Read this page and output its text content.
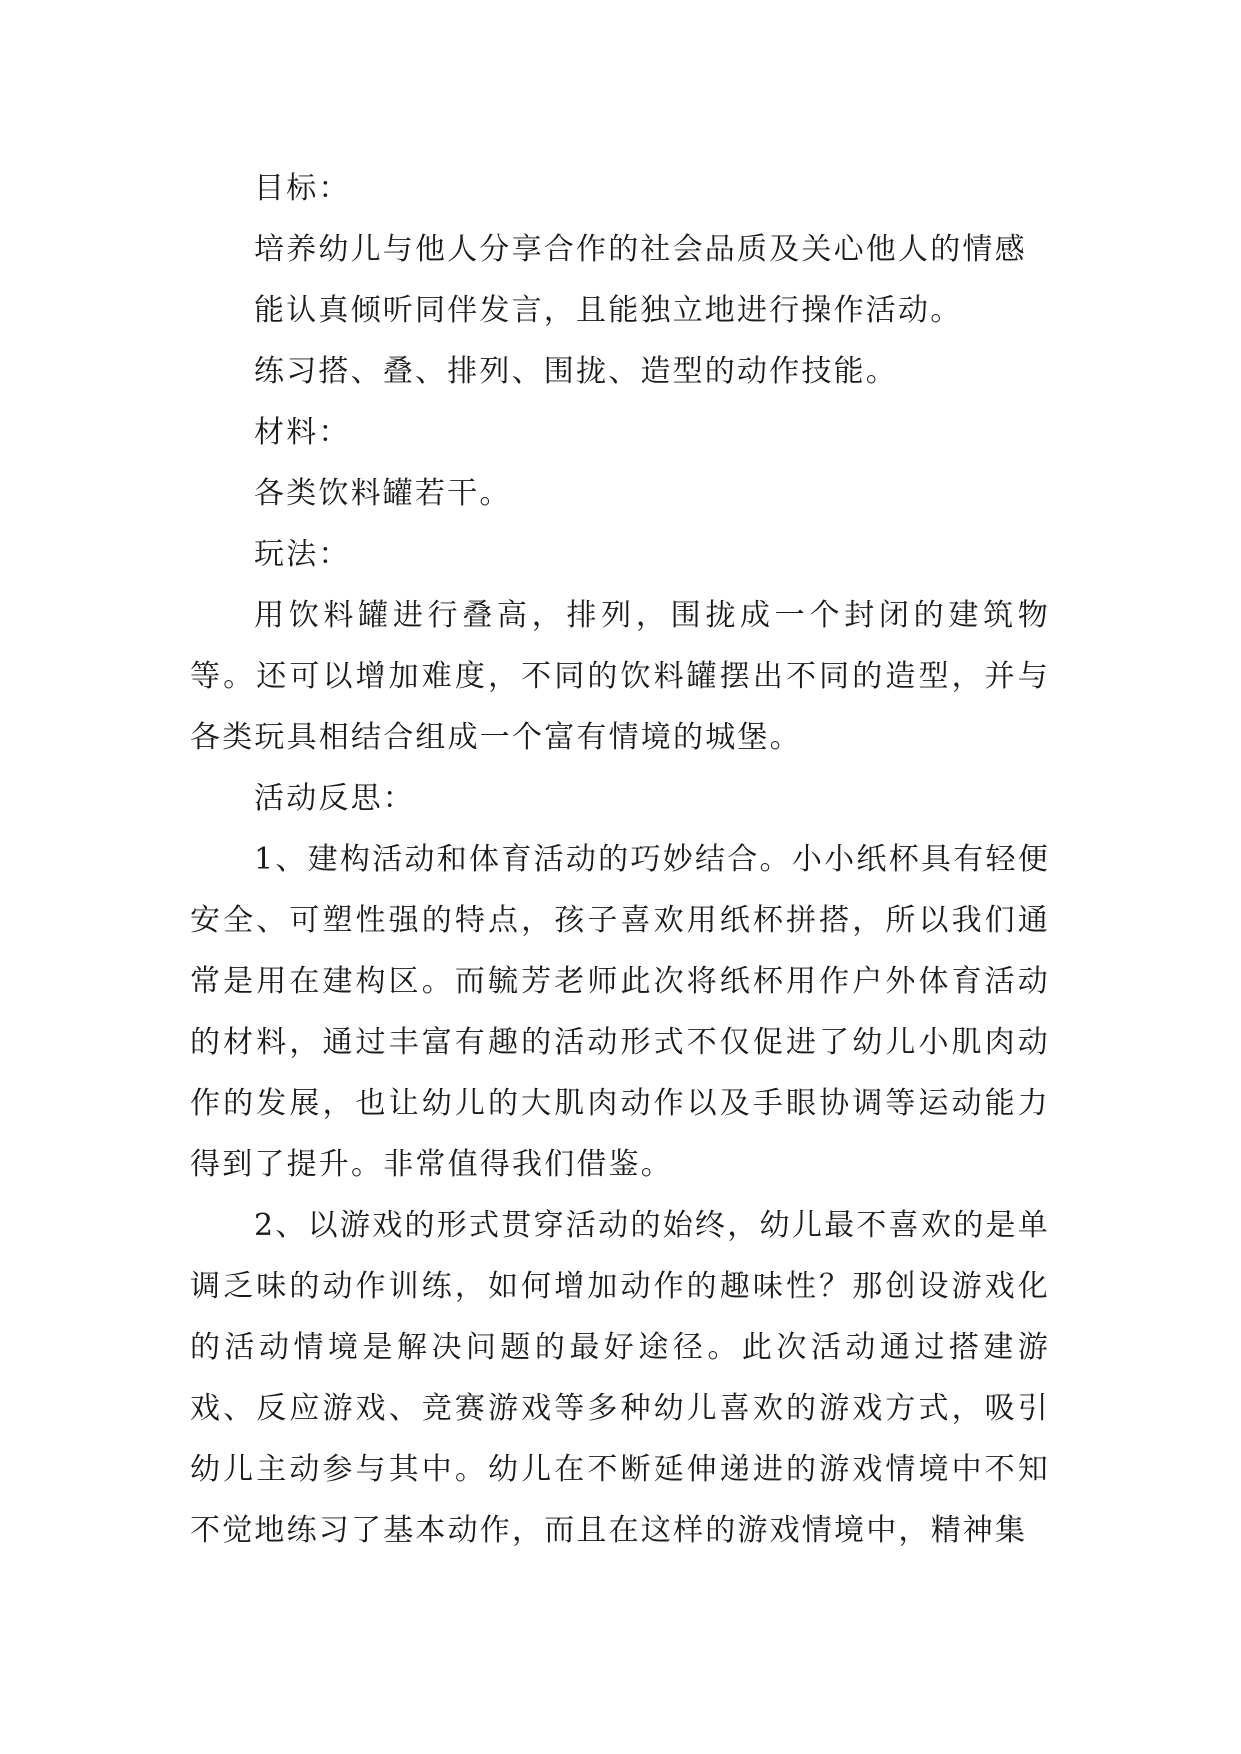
目标：

培养幼儿与他人分享合作的社会品质及关心他人的情感

能认真倾听同伴发言，且能独立地进行操作活动。

练习搭、叠、排列、围拢、造型的动作技能。

材料：

各类饮料罐若干。

玩法：

用饮料罐进行叠高，排列，围拢成一个封闭的建筑物等。还可以增加难度，不同的饮料罐摆出不同的造型，并与各类玩具相结合组成一个富有情境的城堡。

活动反思：

1、建构活动和体育活动的巧妙结合。小小纸杯具有轻便安全、可塑性强的特点，孩子喜欢用纸杯拼搭，所以我们通常是用在建构区。而毓芳老师此次将纸杯用作户外体育活动的材料，通过丰富有趣的活动形式不仅促进了幼儿小肌肉动作的发展，也让幼儿的大肌肉动作以及手眼协调等运动能力得到了提升。非常值得我们借鉴。

2、以游戏的形式贯穿活动的始终，幼儿最不喜欢的是单调乏味的动作训练，如何增加动作的趣味性？那创设游戏化的活动情境是解决问题的最好途径。此次活动通过搭建游戏、反应游戏、竞赛游戏等多种幼儿喜欢的游戏方式，吸引幼儿主动参与其中。幼儿在不断延伸递进的游戏情境中不知不觉地练习了基本动作，而且在这样的游戏情境中，精神集
